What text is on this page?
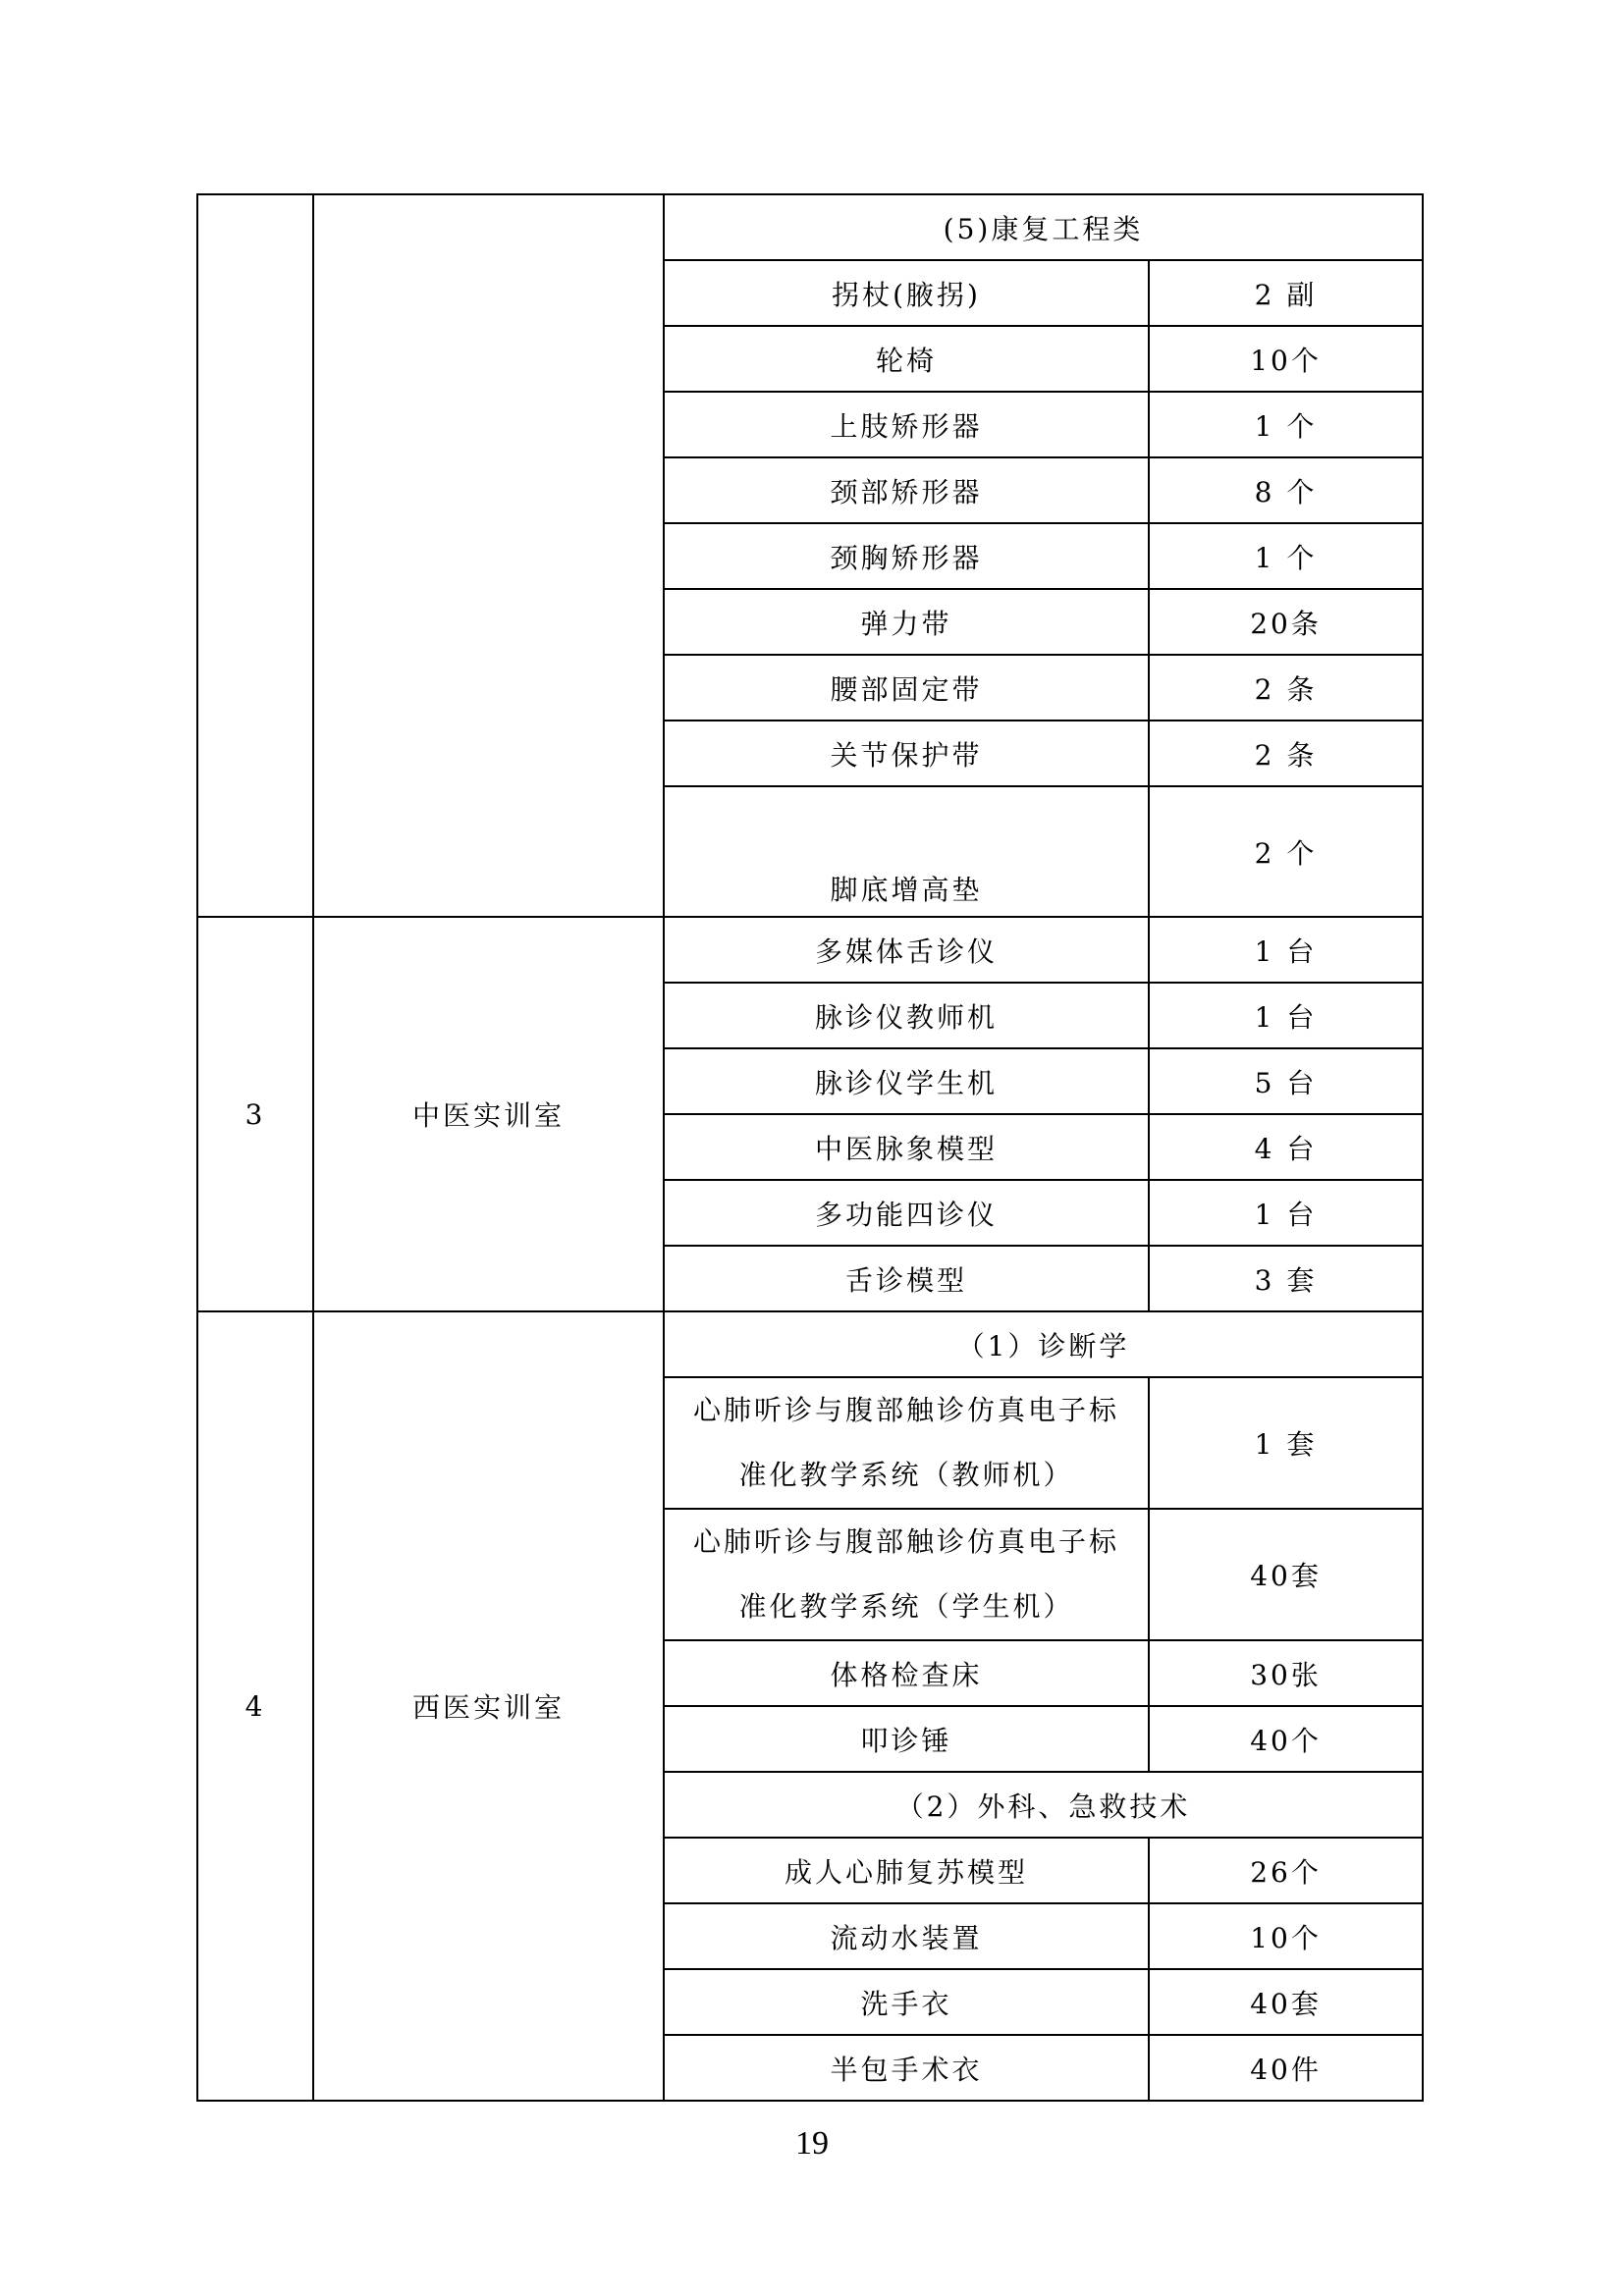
		(5)康复工程类	
		拐杖(腋拐)	2 副
		轮椅	10个
		上肢矫形器	1 个
		颈部矫形器	8 个
		颈胸矫形器	1 个
		弹力带	20条
		腰部固定带	2 条
		关节保护带	2 条
		脚底增高垫	2 个
3	中医实训室	多媒体舌诊仪	1 台
		脉诊仪教师机	1 台
		脉诊仪学生机	5 台
		中医脉象模型	4 台
		多功能四诊仪	1 台
		舌诊模型	3 套
4	西医实训室	（1）诊断学	

		心肺听诊与腹部触诊仿真电子标
准化教学系统（教师机）	1 套

		心肺听诊与腹部触诊仿真电子标
准化教学系统（学生机）	40套
		体格检查床	30张
		叩诊锤	40个
		（2）外科、急救技术	
		成人心肺复苏模型	26个
		流动水装置	10个
		洗手衣	40套
		半包手术衣	40件
19
